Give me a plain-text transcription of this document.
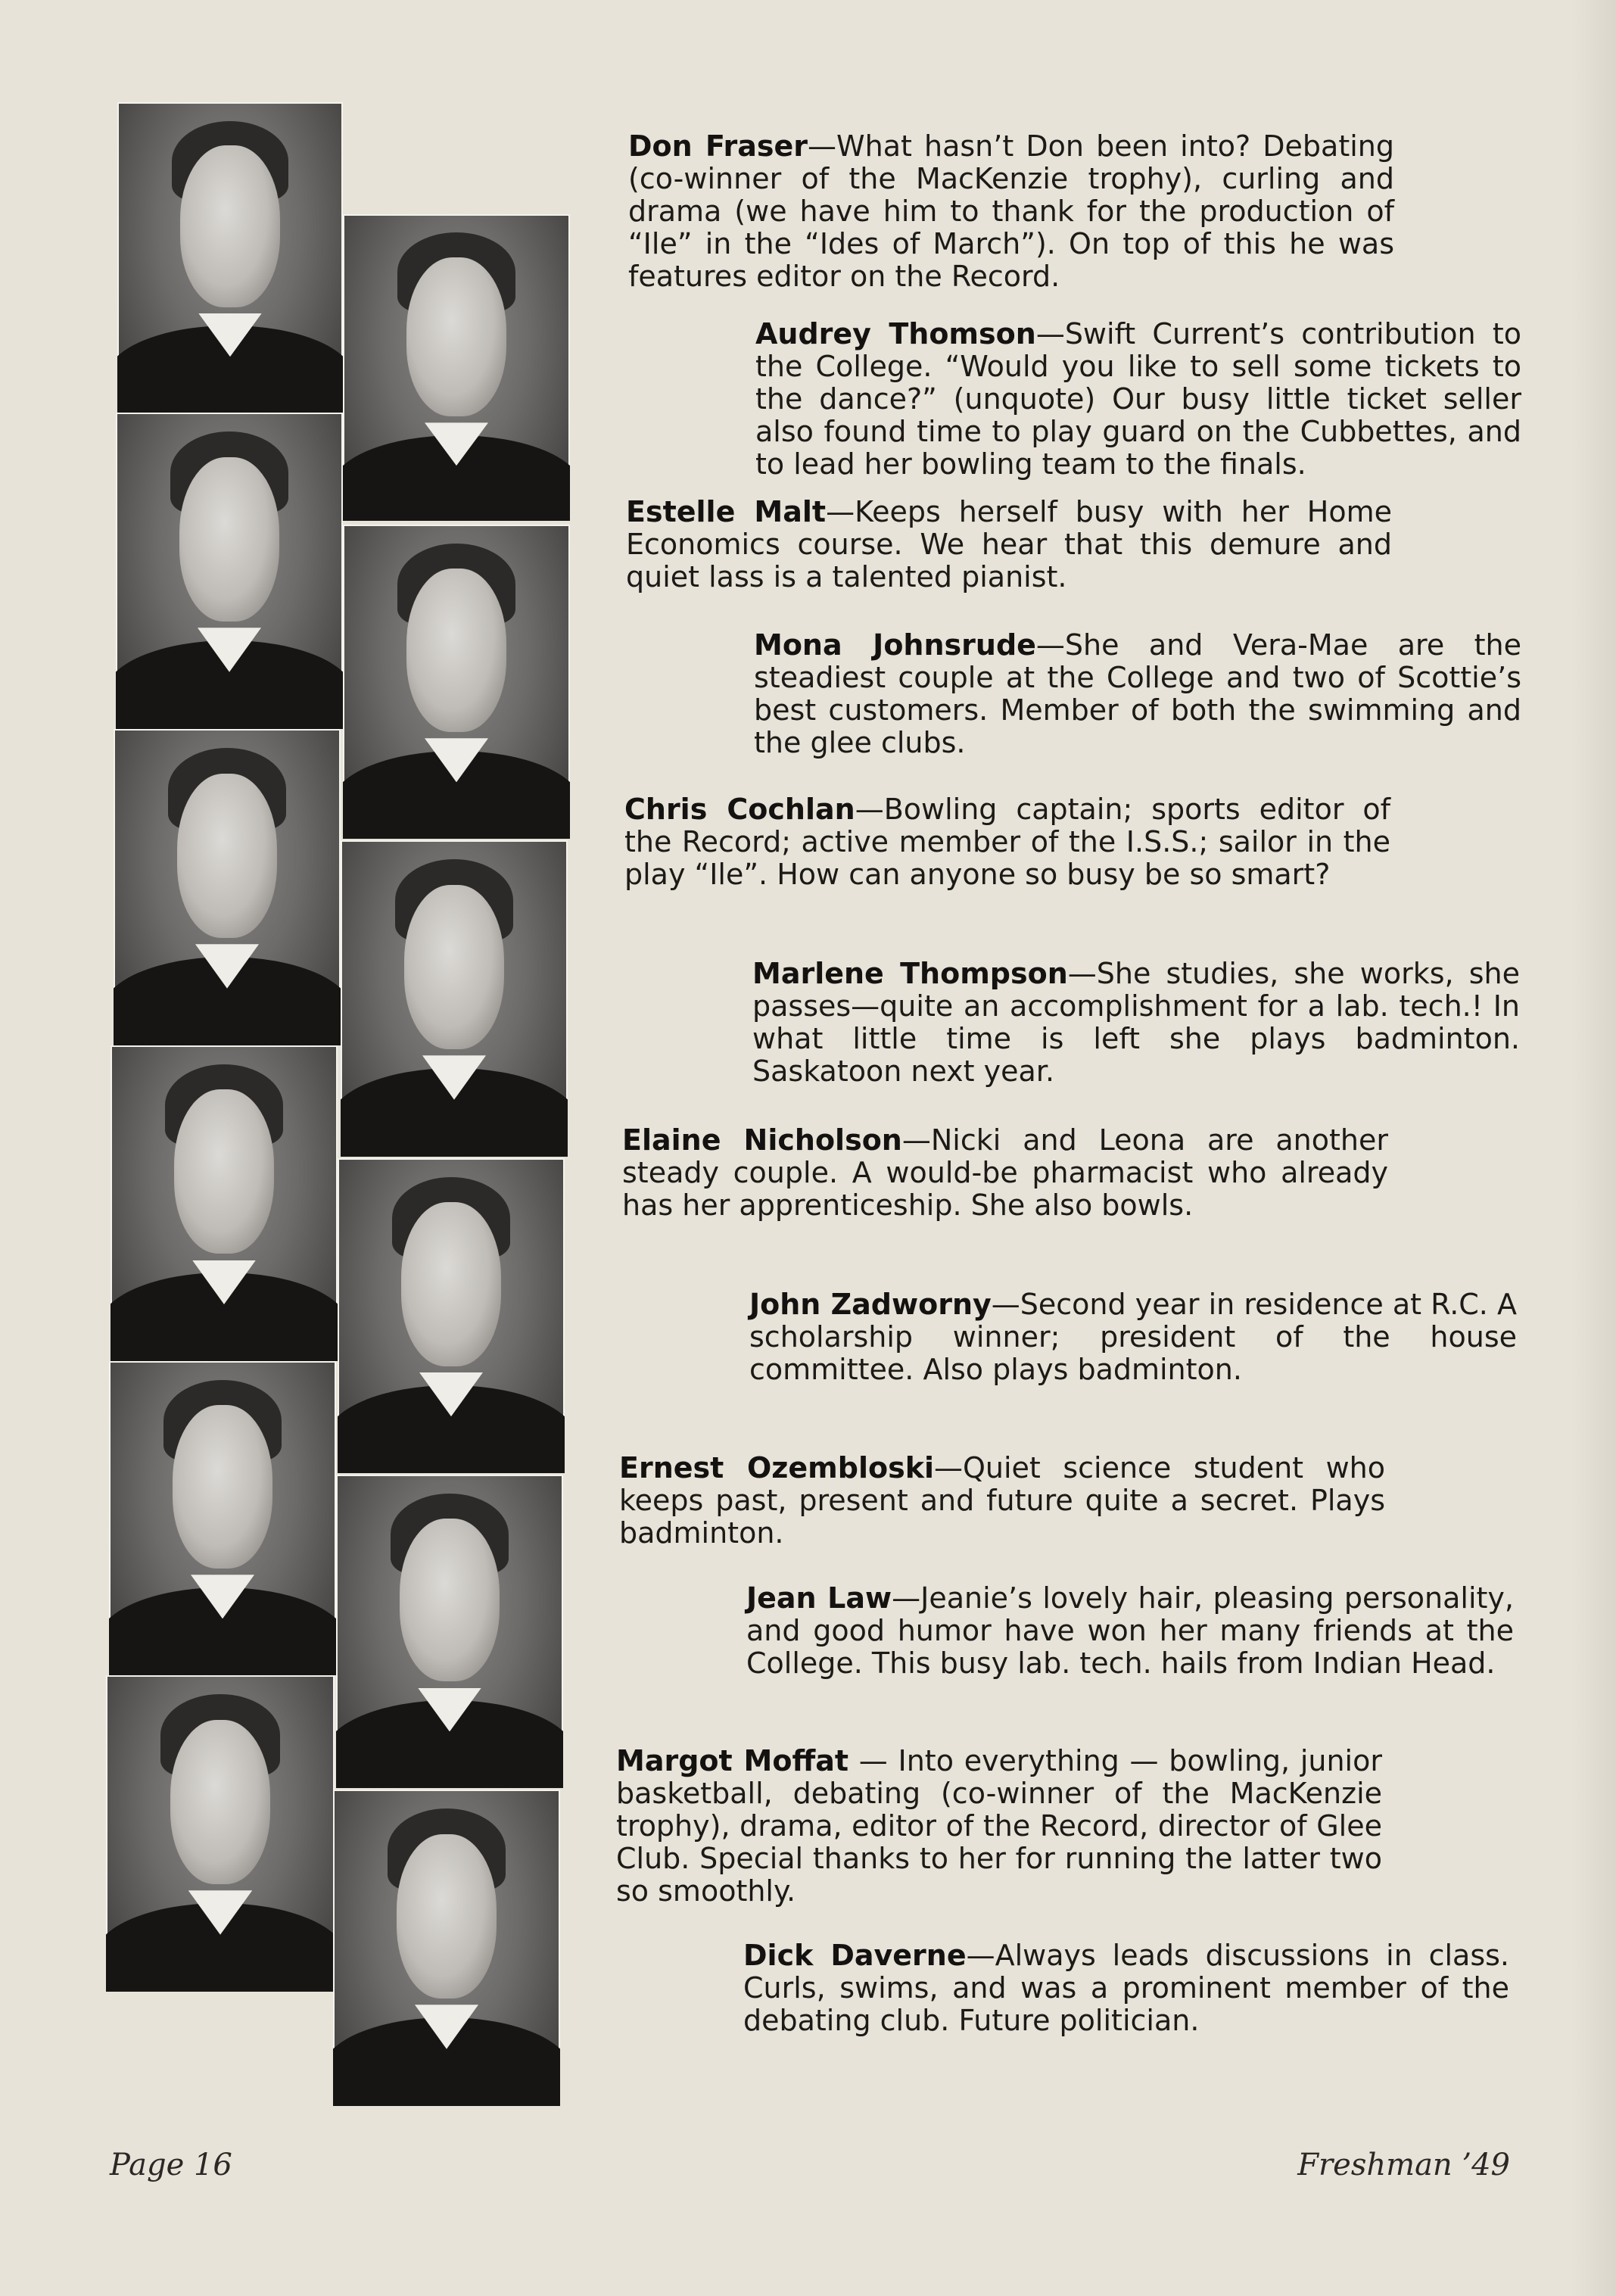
Don Fraser—What hasn’t Don been into? Debating (co-winner of the MacKenzie trophy), curling and drama (we have him to thank for the production of “Ile” in the “Ides of March”). On top of this he was features editor on the Record.

Audrey Thomson—Swift Current’s contribution to the College. “Would you like to sell some tickets to the dance?” (unquote) Our busy little ticket seller also found time to play guard on the Cubbettes, and to lead her bowling team to the finals.

Estelle Malt—Keeps herself busy with her Home Economics course. We hear that this demure and quiet lass is a talented pianist.

Mona Johnsrude—She and Vera-Mae are the steadiest couple at the College and two of Scottie’s best customers. Member of both the swimming and the glee clubs.

Chris Cochlan—Bowling captain; sports editor of the Record; active member of the I.S.S.; sailor in the play “Ile”. How can anyone so busy be so smart?

Marlene Thompson—She studies, she works, she passes—quite an accomplishment for a lab. tech.! In what little time is left she plays badminton. Saskatoon next year.

Elaine Nicholson—Nicki and Leona are another steady couple. A would-be pharmacist who already has her apprenticeship. She also bowls.

John Zadworny—Second year in residence at R.C. A scholarship winner; president of the house committee. Also plays badminton.

Ernest Ozembloski—Quiet science student who keeps past, present and future quite a secret. Plays badminton.

Jean Law—Jeanie’s lovely hair, pleasing personality, and good humor have won her many friends at the College. This busy lab. tech. hails from Indian Head.

Margot Moffat — Into everything — bowling, junior basketball, debating (co-winner of the MacKenzie trophy), drama, editor of the Record, director of Glee Club. Special thanks to her for running the latter two so smoothly.

Dick Daverne—Always leads discussions in class. Curls, swims, and was a prominent member of the debating club. Future politician.

Page 16	Freshman ’49
